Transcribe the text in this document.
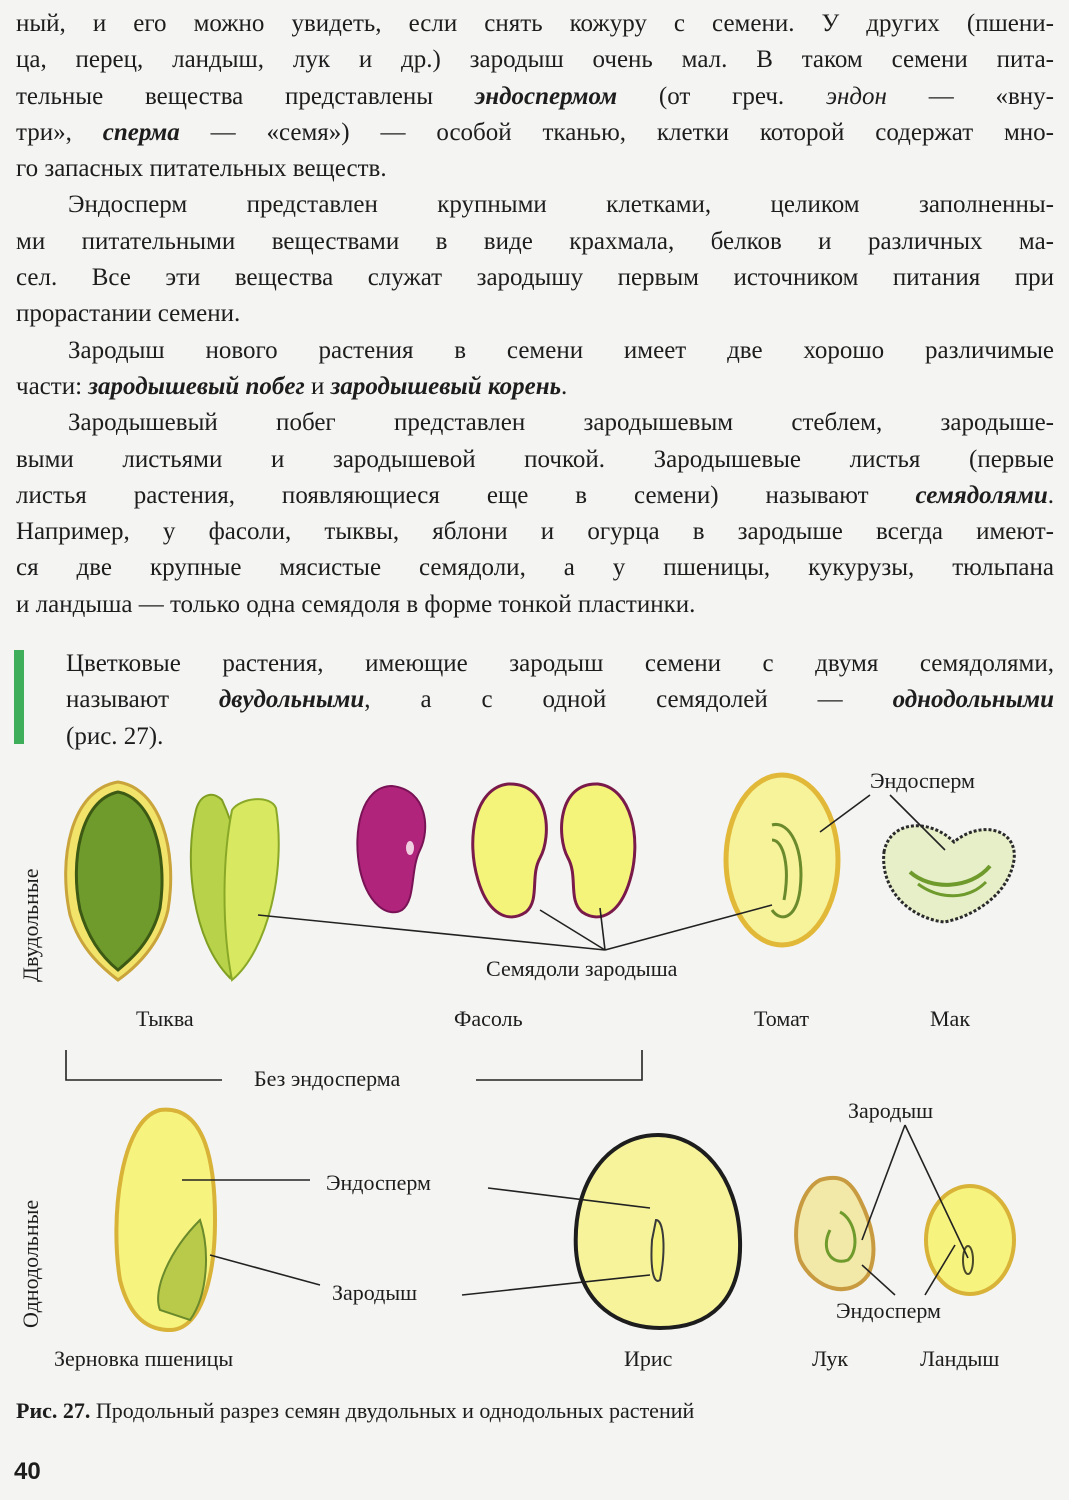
ный, и его можно увидеть, если снять кожуру с семени. У других (пшени-

ца, перец, ландыш, лук и др.) зародыш очень мал. В таком семени пита-

тельные вещества представлены эндоспермом (от греч. эндон — «вну-

три», сперма — «семя») — особой тканью, клетки которой содержат мно-

го запасных питательных веществ.

Эндосперм представлен крупными клетками, целиком заполненны-

ми питательными веществами в виде крахмала, белков и различных ма-

сел. Все эти вещества служат зародышу первым источником питания при

прорастании семени.

Зародыш нового растения в семени имеет две хорошо различимые

части: зародышевый побег и зародышевый корень.

Зародышевый побег представлен зародышевым стеблем, зародыше-

выми листьями и зародышевой почкой. Зародышевые листья (первые

листья растения, появляющиеся еще в семени) называют семядолями.

Например, у фасоли, тыквы, яблони и огурца в зародыше всегда имеют-

ся две крупные мясистые семядоли, а у пшеницы, кукурузы, тюльпана

и ландыша — только одна семядоля в форме тонкой пластинки.

Цветковые растения, имеющие зародыш семени с двумя семядолями,

называют двудольными, а с одной семядолей — однодольными

(рис. 27).

Двудольные
Однодольные
Эндосперм
Семядоли зародыша
Тыква	Фасоль	Томат	Мак
Без эндосперма
Зародыш
Эндосперм
Зародыш
Эндосперм
Зерновка пшеницы	Ирис	Лук	Ландыш
Рис. 27. Продольный разрез семян двудольных и однодольных растений
40
